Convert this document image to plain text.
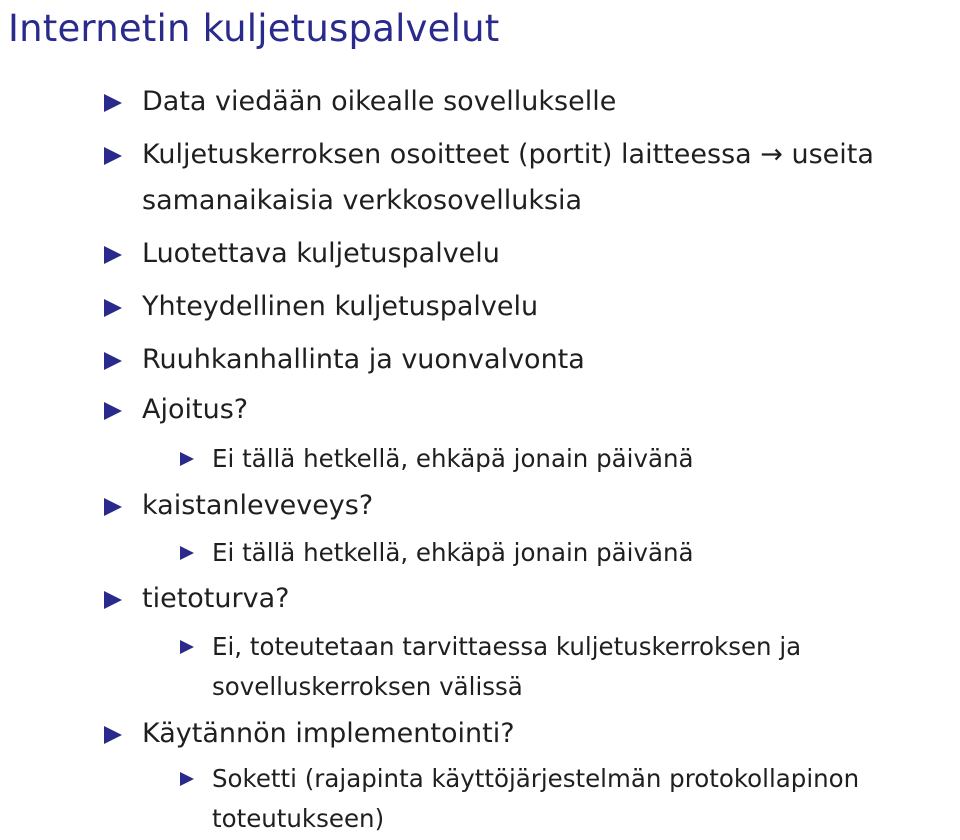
Internetin kuljetuspalvelut
Data viedään oikealle sovellukselle
Kuljetuskerroksen osoitteet (portit) laitteessa → useita
samanaikaisia verkkosovelluksia
Luotettava kuljetuspalvelu
Yhteydellinen kuljetuspalvelu
Ruuhkanhallinta ja vuonvalvonta
Ajoitus?
Ei tällä hetkellä, ehkäpä jonain päivänä
kaistanleveveys?
Ei tällä hetkellä, ehkäpä jonain päivänä
tietoturva?
Ei, toteutetaan tarvittaessa kuljetuskerroksen ja
sovelluskerroksen välissä
Käytännön implementointi?
Soketti (rajapinta käyttöjärjestelmän protokollapinon
toteutukseen)
